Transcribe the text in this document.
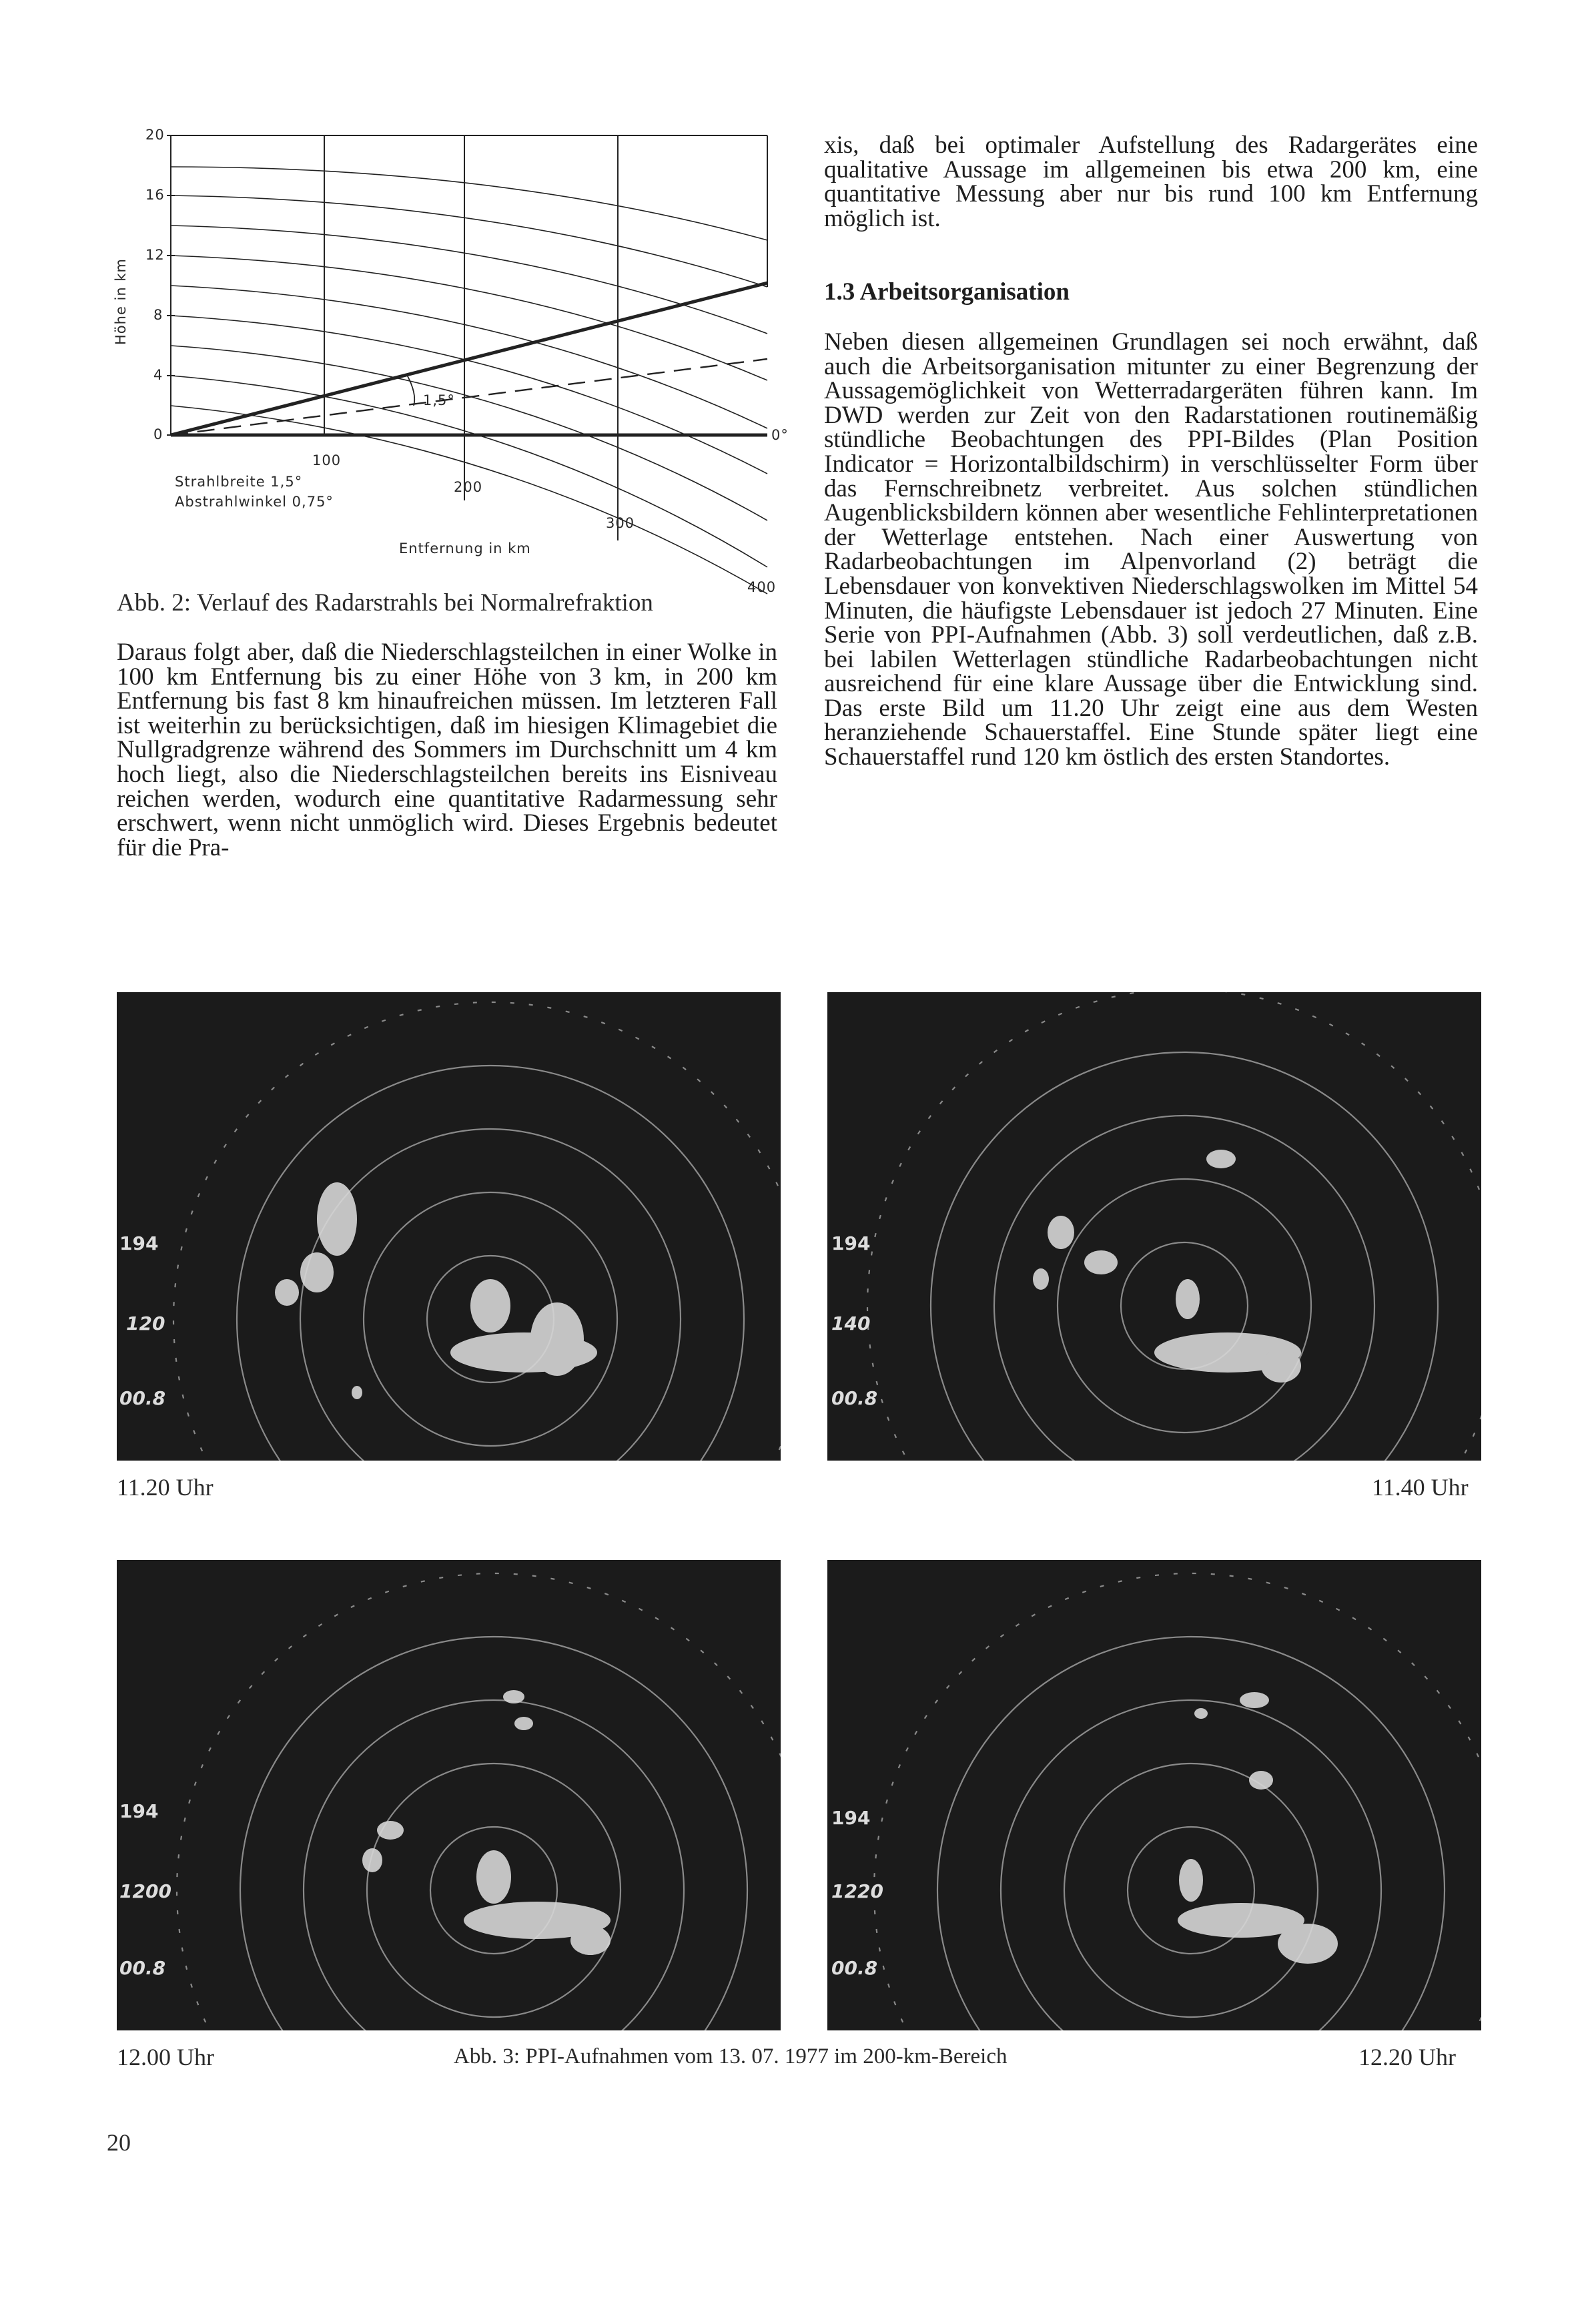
Höhe in km
20
16
12
8
4
0
100
200
300
400
1,5°
0°
Strahlbreite 1,5°
Abstrahlwinkel 0,75°
Entfernung in km
Abb. 2: Verlauf des Radarstrahls bei Normalrefraktion

Daraus folgt aber, daß die Niederschlagsteilchen in einer Wolke in 100 km Entfernung bis zu einer Höhe von 3 km, in 200 km Entfernung bis fast 8 km hinaufreichen müssen. Im letzteren Fall ist weiterhin zu berücksichtigen, daß im hiesigen Klimagebiet die Nullgradgrenze während des Sommers im Durchschnitt um 4 km hoch liegt, also die Niederschlagsteilchen bereits ins Eisniveau reichen werden, wodurch eine quantitative Radarmessung sehr erschwert, wenn nicht unmöglich wird. Dieses Ergebnis bedeutet für die Pra-

xis, daß bei optimaler Aufstellung des Radargerätes eine qualitative Aussage im allgemeinen bis etwa 200 km, eine quantitative Messung aber nur bis rund 100 km Entfernung möglich ist.

1.3 Arbeitsorganisation

Neben diesen allgemeinen Grundlagen sei noch erwähnt, daß auch die Arbeitsorganisation mitunter zu einer Begrenzung der Aussagemöglichkeit von Wetterradargeräten führen kann. Im DWD werden zur Zeit von den Radarstationen routinemäßig stündliche Beobachtungen des PPI-Bildes (Plan Position Indicator = Horizontalbildschirm) in verschlüsselter Form über das Fernschreibnetz verbreitet. Aus solchen stündlichen Augenblicksbildern können aber wesentliche Fehlinterpretationen der Wetterlage entstehen. Nach einer Auswertung von Radarbeobachtungen im Alpenvorland (2) beträgt die Lebensdauer von konvektiven Niederschlagswolken im Mittel 54 Minuten, die häufigste Lebensdauer ist jedoch 27 Minuten. Eine Serie von PPI-Aufnahmen (Abb. 3) soll verdeutlichen, daß z.B. bei labilen Wetterlagen stündliche Radarbeobachtungen nicht ausreichend für eine klare Aussage über die Entwicklung sind. Das erste Bild um 11.20 Uhr zeigt eine aus dem Westen heranziehende Schauerstaffel. Eine Stunde später liegt eine Schauerstaffel rund 120 km östlich des ersten Standortes.

194
120
00.8
194
140
00.8
11.20 Uhr	11.40 Uhr
194
1200
00.8
194
1220
00.8
12.00 Uhr	Abb. 3: PPI-Aufnahmen vom 13. 07. 1977 im 200-km-Bereich	12.20 Uhr
20
